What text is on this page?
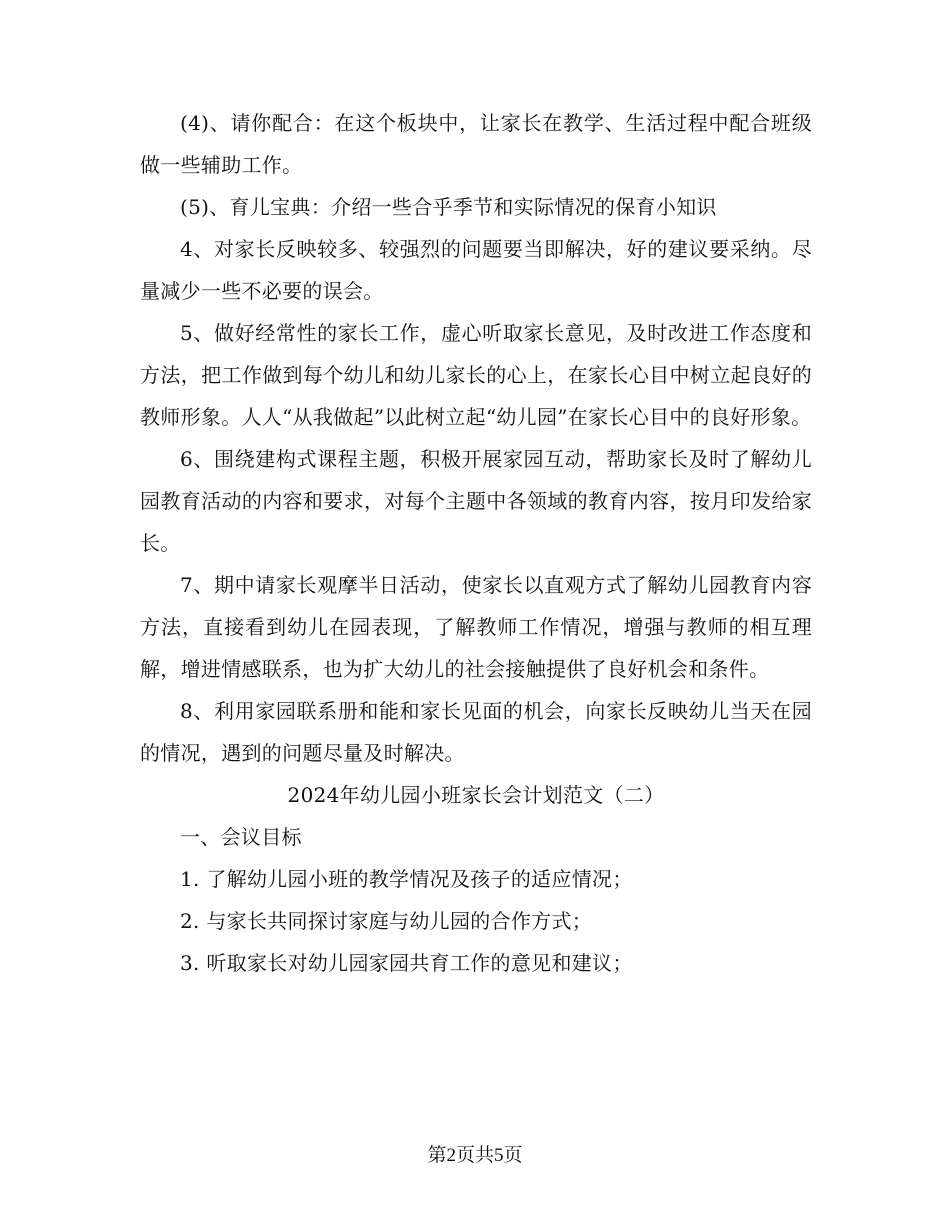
(4)、请你配合：在这个板块中，让家长在教学、生活过程中配合班级做一些辅助工作。

(5)、育儿宝典：介绍一些合乎季节和实际情况的保育小知识

4、对家长反映较多、较强烈的问题要当即解决，好的建议要采纳。尽量减少一些不必要的误会。

5、做好经常性的家长工作，虚心听取家长意见，及时改进工作态度和方法，把工作做到每个幼儿和幼儿家长的心上，在家长心目中树立起良好的教师形象。人人“从我做起”以此树立起“幼儿园”在家长心目中的良好形象。

6、围绕建构式课程主题，积极开展家园互动，帮助家长及时了解幼儿园教育活动的内容和要求，对每个主题中各领域的教育内容，按月印发给家长。

7、期中请家长观摩半日活动，使家长以直观方式了解幼儿园教育内容方法，直接看到幼儿在园表现，了解教师工作情况，增强与教师的相互理解，增进情感联系，也为扩大幼儿的社会接触提供了良好机会和条件。

8、利用家园联系册和能和家长见面的机会，向家长反映幼儿当天在园的情况，遇到的问题尽量及时解决。

2024年幼儿园小班家长会计划范文（二）

一、会议目标

1. 了解幼儿园小班的教学情况及孩子的适应情况；

2. 与家长共同探讨家庭与幼儿园的合作方式；

3. 听取家长对幼儿园家园共育工作的意见和建议；

第2页共5页
